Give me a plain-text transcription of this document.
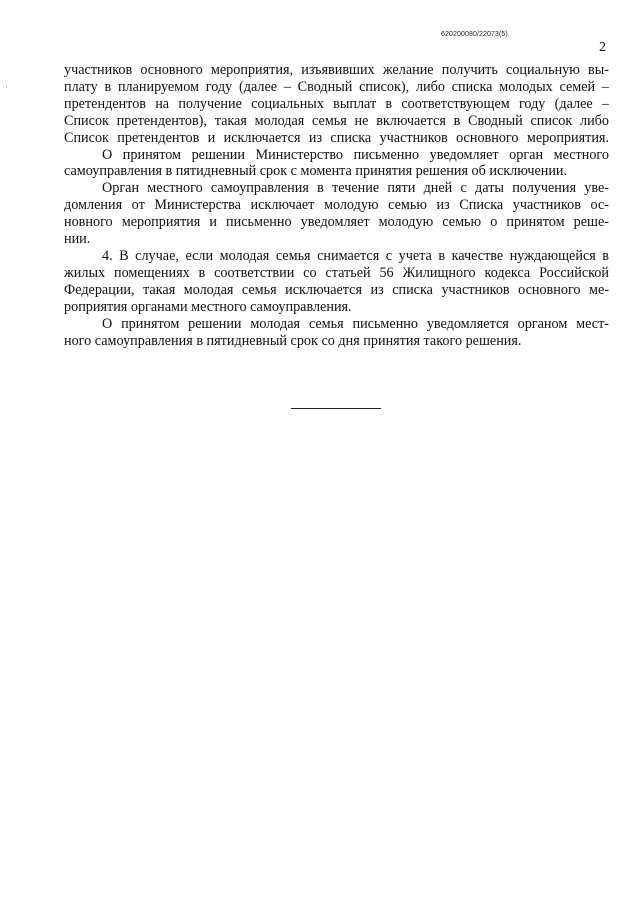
620200080/22073(5)
2
участников основного мероприятия, изъявивших желание получить социальную вы-
плату в планируемом году (далее – Сводный список), либо списка молодых семей –
претендентов на получение социальных выплат в соответствующем году (далее –
Список претендентов), такая молодая семья не включается в Сводный список либо
Список претендентов и исключается из списка участников основного мероприятия.
О принятом решении Министерство письменно уведомляет орган местного
самоуправления в пятидневный срок с момента принятия решения об исключении.
Орган местного самоуправления в течение пяти дней с даты получения уве-
домления от Министерства исключает молодую семью из Списка участников ос-
новного мероприятия и письменно уведомляет молодую семью о принятом реше-
нии.
4. В случае, если молодая семья снимается с учета в качестве нуждающейся в
жилых помещениях в соответствии со статьей 56 Жилищного кодекса Российской
Федерации, такая молодая семья исключается из списка участников основного ме-
роприятия органами местного самоуправления.
О принятом решении молодая семья письменно уведомляется органом мест-
ного самоуправления в пятидневный срок со дня принятия такого решения.
